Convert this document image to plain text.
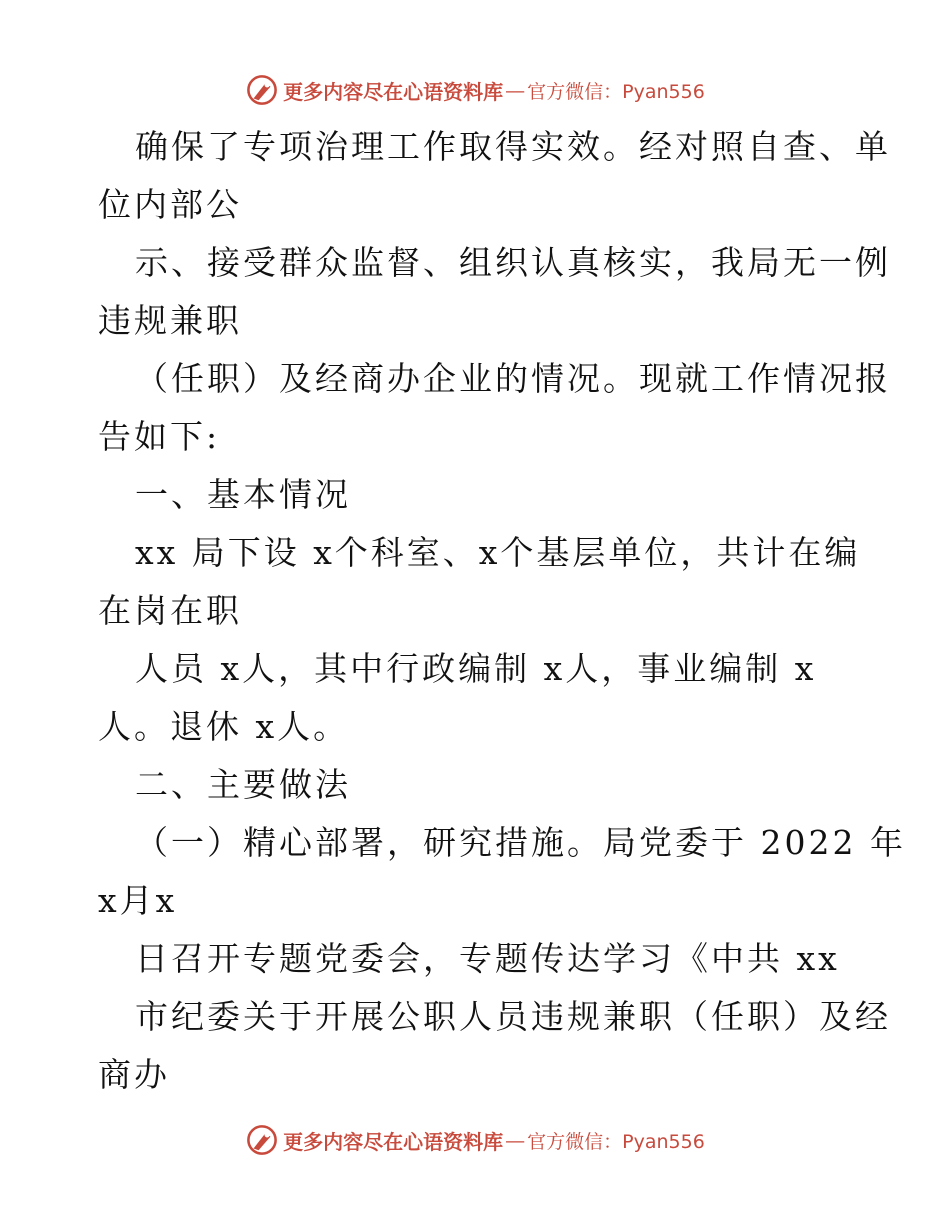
更多内容尽在心语资料库 — 官方微信：Pyan556
确保了专项治理工作取得实效。经对照自查、单
位内部公
示、接受群众监督、组织认真核实，我局无一例
违规兼职
（任职）及经商办企业的情况。现就工作情况报
告如下:
一、基本情况
xx 局下设 x个科室、x个基层单位，共计在编
在岗在职
人员 x人，其中行政编制 x人，事业编制 x
人。退休 x人。
二、主要做法
（一）精心部署，研究措施。局党委于 2022 年
x月x
日召开专题党委会，专题传达学习《中共 xx
市纪委关于开展公职人员违规兼职（任职）及经
商办
更多内容尽在心语资料库 — 官方微信：Pyan556
